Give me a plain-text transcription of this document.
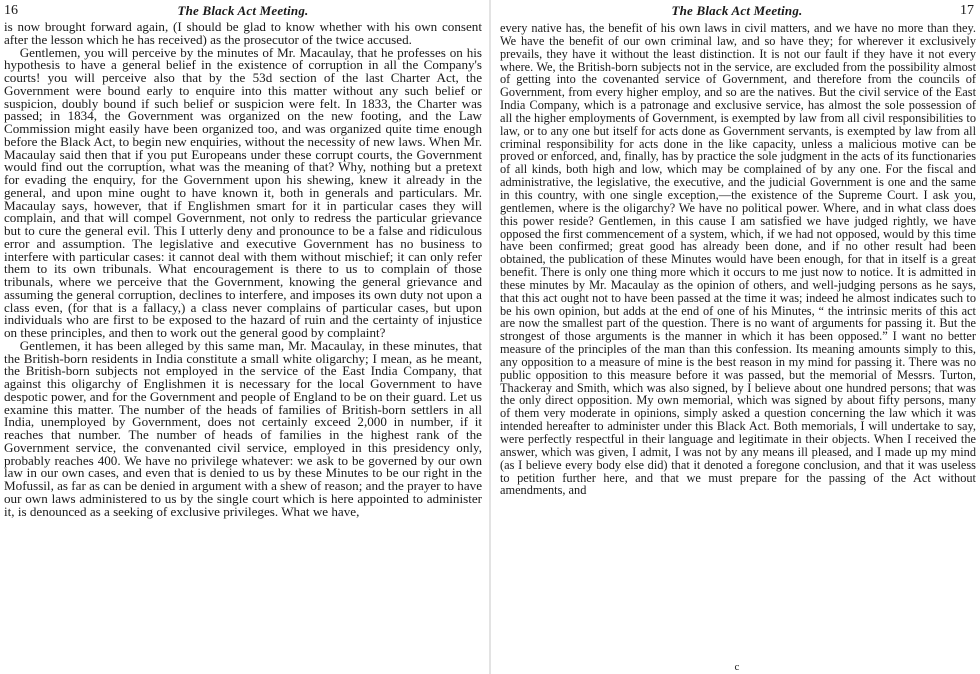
16	The Black Act Meeting.

is now brought forward again, (I should be glad to know whether with his own consent after the lesson which he has received) as the prosecutor of the twice accused.

Gentlemen, you will perceive by the minutes of Mr. Macaulay, that he professes on his hypothesis to have a general belief in the existence of corruption in all the Company's courts! you will perceive also that by the 53d section of the last Charter Act, the Government were bound early to enquire into this matter without any such belief or suspicion, doubly bound if such belief or suspicion were felt. In 1833, the Charter was passed; in 1834, the Government was organized on the new footing, and the Law Commission might easily have been organized too, and was organized quite time enough before the Black Act, to begin new enquiries, without the necessity of new laws. When Mr. Macaulay said then that if you put Europeans under these corrupt courts, the Government would find out the corruption, what was the meaning of that? Why, nothing but a pretext for evading the enquiry, for the Government upon his shewing, knew it already in the general, and upon mine ought to have known it, both in generals and particulars. Mr. Macaulay says, however, that if Englishmen smart for it in particular cases they will complain, and that will compel Government, not only to redress the particular grievance but to cure the general evil. This I utterly deny and pronounce to be a false and ridiculous error and assumption. The legislative and executive Government has no business to interfere with particular cases: it cannot deal with them without mischief; it can only refer them to its own tribunals. What encouragement is there to us to complain of those tribunals, where we perceive that the Government, knowing the general grievance and assuming the general corruption, declines to interfere, and imposes its own duty not upon a class even, (for that is a fallacy,) a class never complains of particular cases, but upon individuals who are first to be exposed to the hazard of ruin and the certainty of injustice on these principles, and then to work out the general good by complaint?

Gentlemen, it has been alleged by this same man, Mr. Macaulay, in these minutes, that the British-born residents in India constitute a small white oligarchy; I mean, as he meant, the British-born subjects not employed in the service of the East India Company, that against this oligarchy of Englishmen it is necessary for the local Government to have despotic power, and for the Government and people of England to be on their guard. Let us examine this matter. The number of the heads of families of British-born settlers in all India, unemployed by Government, does not certainly exceed 2,000 in number, if it reaches that number. The number of heads of families in the highest rank of the Government service, the convenanted civil service, employed in this presidency only, probably reaches 400. We have no privilege whatever: we ask to be governed by our own law in our own cases, and even that is denied to us by these Minutes to be our right in the Mofussil, as far as can be denied in argument with a shew of reason; and the prayer to have our own laws administered to us by the single court which is here appointed to administer it, is denounced as a seeking of exclusive privileges. What we have,

The Black Act Meeting.	17

every native has, the benefit of his own laws in civil matters, and we have no more than they. We have the benefit of our own criminal law, and so have they; for wherever it exclusively prevails, they have it without the least distinction. It is not our fault if they have it not every where. We, the British-born subjects not in the service, are excluded from the possibility almost of getting into the covenanted service of Government, and therefore from the councils of Government, from every higher employ, and so are the natives. But the civil service of the East India Company, which is a patronage and exclusive service, has almost the sole possession of all the higher employments of Government, is exempted by law from all civil responsibilities to law, or to any one but itself for acts done as Government servants, is exempted by law from all criminal responsibility for acts done in the like capacity, unless a malicious motive can be proved or enforced, and, finally, has by practice the sole judgment in the acts of its functionaries of all kinds, both high and low, which may be complained of by any one. For the fiscal and administrative, the legislative, the executive, and the judicial Government is one and the same in this country, with one single exception,—the existence of the Supreme Court. I ask you, gentlemen, where is the oligarchy? We have no political power. Where, and in what class does this power reside? Gentlemen, in this cause I am satisfied we have judged rightly, we have opposed the first commencement of a system, which, if we had not opposed, would by this time have been confirmed; great good has already been done, and if no other result had been obtained, the publication of these Minutes would have been enough, for that in itself is a great benefit. There is only one thing more which it occurs to me just now to notice. It is admitted in these minutes by Mr. Macaulay as the opinion of others, and well-judging persons as he says, that this act ought not to have been passed at the time it was; indeed he almost indicates such to be his own opinion, but adds at the end of one of his Minutes, “ the intrinsic merits of this act are now the smallest part of the question. There is no want of arguments for passing it. But the strongest of those arguments is the manner in which it has been opposed.” I want no better measure of the principles of the man than this confession. Its meaning amounts simply to this, any opposition to a measure of mine is the best reason in my mind for passing it. There was no public opposition to this measure before it was passed, but the memorial of Messrs. Turton, Thackeray and Smith, which was also signed, by I believe about one hundred persons; that was the only direct opposition. My own memorial, which was signed by about fifty persons, many of them very moderate in opinions, simply asked a question concerning the law which it was intended hereafter to administer under this Black Act. Both memorials, I will undertake to say, were perfectly respectful in their language and legitimate in their objects. When I received the answer, which was given, I admit, I was not by any means ill pleased, and I made up my mind (as I believe every body else did) that it denoted a foregone conclusion, and that it was useless to petition further here, and that we must prepare for the passing of the Act without amendments, and

c
